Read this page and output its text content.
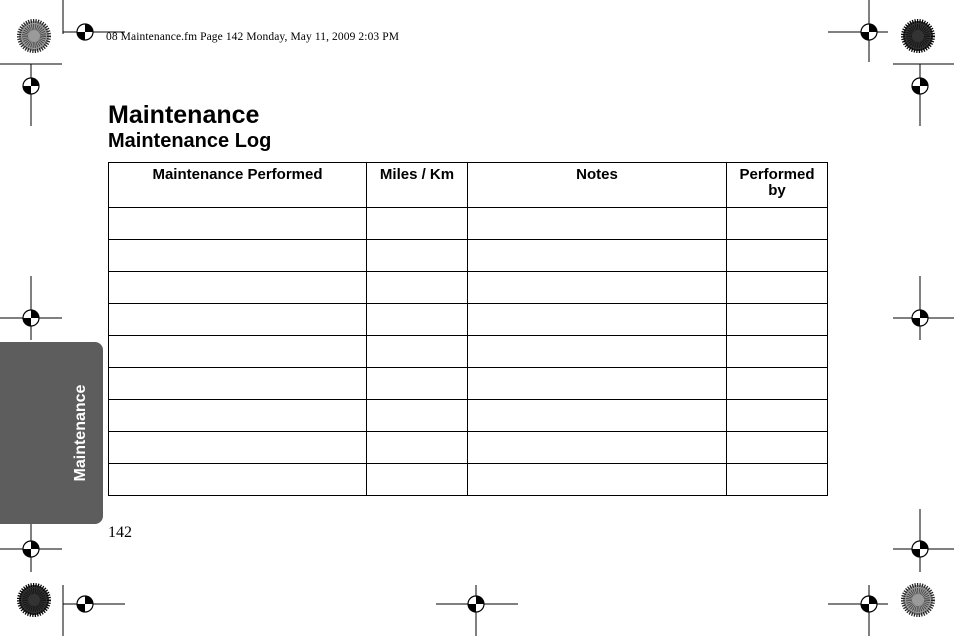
08 Maintenance.fm Page 142 Monday, May 11, 2009 2:03 PM
Maintenance
Maintenance Log
Maintenance Performed	Miles / Km	Notes	Performed by

Maintenance
142
